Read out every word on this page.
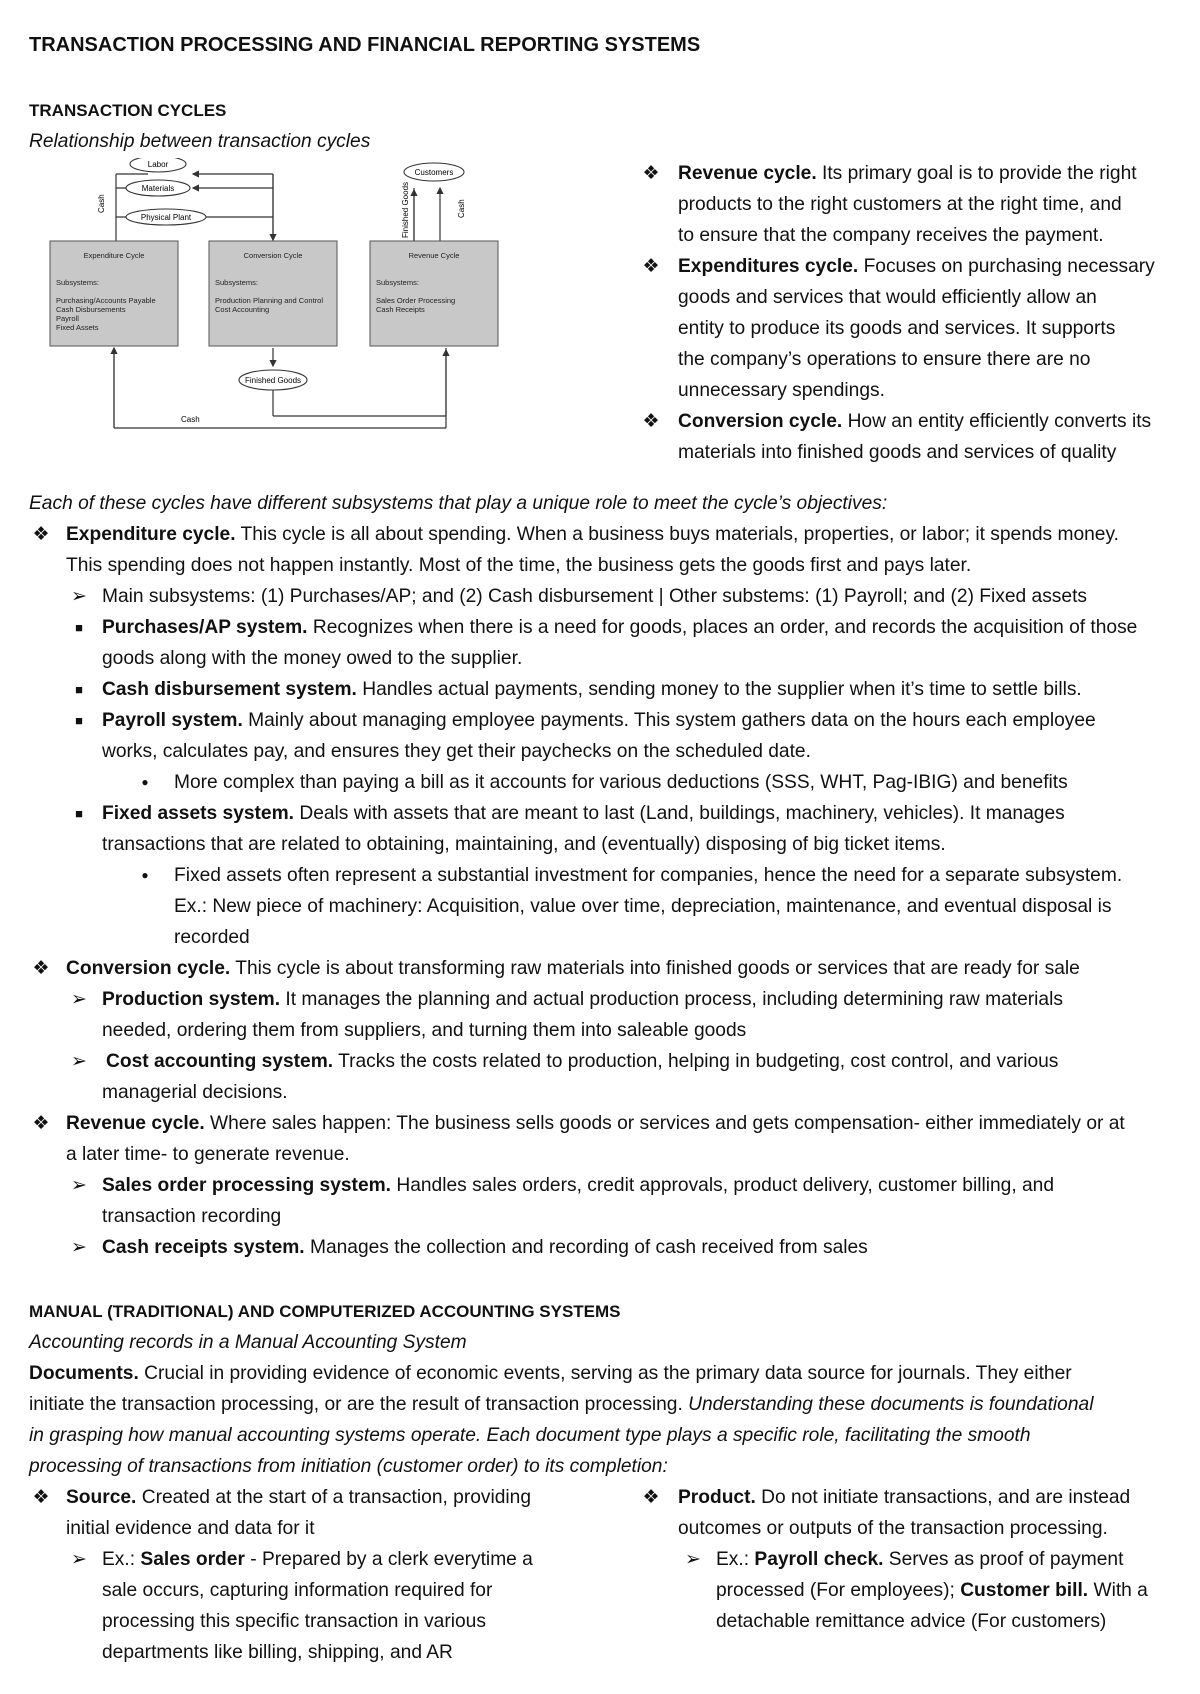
TRANSACTION PROCESSING AND FINANCIAL REPORTING SYSTEMS
TRANSACTION CYCLES
Relationship between transaction cycles
Labor
Materials
Physical Plant
Customers
Finished Goods
Cash	Finished Goods	Cash
Cash
Expenditure Cycle
Subsystems:
Purchasing/Accounts Payable
Cash Disbursements
Payroll
Fixed Assets
Conversion Cycle
Subsystems:
Production Planning and Control
Cost Accounting
Revenue Cycle
Subsystems:
Sales Order Processing
Cash Receipts
❖ Revenue cycle. Its primary goal is to provide the right
products to the right customers at the right time, and
to ensure that the company receives the payment.
❖ Expenditures cycle. Focuses on purchasing necessary
goods and services that would efficiently allow an
entity to produce its goods and services. It supports
the company’s operations to ensure there are no
unnecessary spendings.
❖ Conversion cycle. How an entity efficiently converts its
materials into finished goods and services of quality
Each of these cycles have different subsystems that play a unique role to meet the cycle’s objectives:
❖ Expenditure cycle. This cycle is all about spending. When a business buys materials, properties, or labor; it spends money.
This spending does not happen instantly. Most of the time, the business gets the goods first and pays later.
➢ Main subsystems: (1) Purchases/AP; and (2) Cash disbursement | Other substems: (1) Payroll; and (2) Fixed assets
■ Purchases/AP system. Recognizes when there is a need for goods, places an order, and records the acquisition of those
goods along with the money owed to the supplier.
■ Cash disbursement system. Handles actual payments, sending money to the supplier when it’s time to settle bills.
■ Payroll system. Mainly about managing employee payments. This system gathers data on the hours each employee
works, calculates pay, and ensures they get their paychecks on the scheduled date.
●	More complex than paying a bill as it accounts for various deductions (SSS, WHT, Pag-IBIG) and benefits
■ Fixed assets system. Deals with assets that are meant to last (Land, buildings, machinery, vehicles). It manages
transactions that are related to obtaining, maintaining, and (eventually) disposing of big ticket items.
●	Fixed assets often represent a substantial investment for companies, hence the need for a separate subsystem.
Ex.: New piece of machinery: Acquisition, value over time, depreciation, maintenance, and eventual disposal is
recorded
❖ Conversion cycle. This cycle is about transforming raw materials into finished goods or services that are ready for sale
➢ Production system. It manages the planning and actual production process, including determining raw materials
needed, ordering them from suppliers, and turning them into saleable goods
➢ Cost accounting system. Tracks the costs related to production, helping in budgeting, cost control, and various
managerial decisions.
❖ Revenue cycle. Where sales happen: The business sells goods or services and gets compensation- either immediately or at
a later time- to generate revenue.
➢ Sales order processing system. Handles sales orders, credit approvals, product delivery, customer billing, and
transaction recording
➢ Cash receipts system. Manages the collection and recording of cash received from sales
MANUAL (TRADITIONAL) AND COMPUTERIZED ACCOUNTING SYSTEMS
Accounting records in a Manual Accounting System
Documents. Crucial in providing evidence of economic events, serving as the primary data source for journals. They either
initiate the transaction processing, or are the result of transaction processing. Understanding these documents is foundational
in grasping how manual accounting systems operate. Each document type plays a specific role, facilitating the smooth
processing of transactions from initiation (customer order) to its completion:
❖ Source. Created at the start of a transaction, providing
initial evidence and data for it
➢ Ex.: Sales order - Prepared by a clerk everytime a
sale occurs, capturing information required for
processing this specific transaction in various
departments like billing, shipping, and AR
❖ Product. Do not initiate transactions, and are instead
outcomes or outputs of the transaction processing.
➢ Ex.: Payroll check. Serves as proof of payment
processed (For employees); Customer bill. With a
detachable remittance advice (For customers)
